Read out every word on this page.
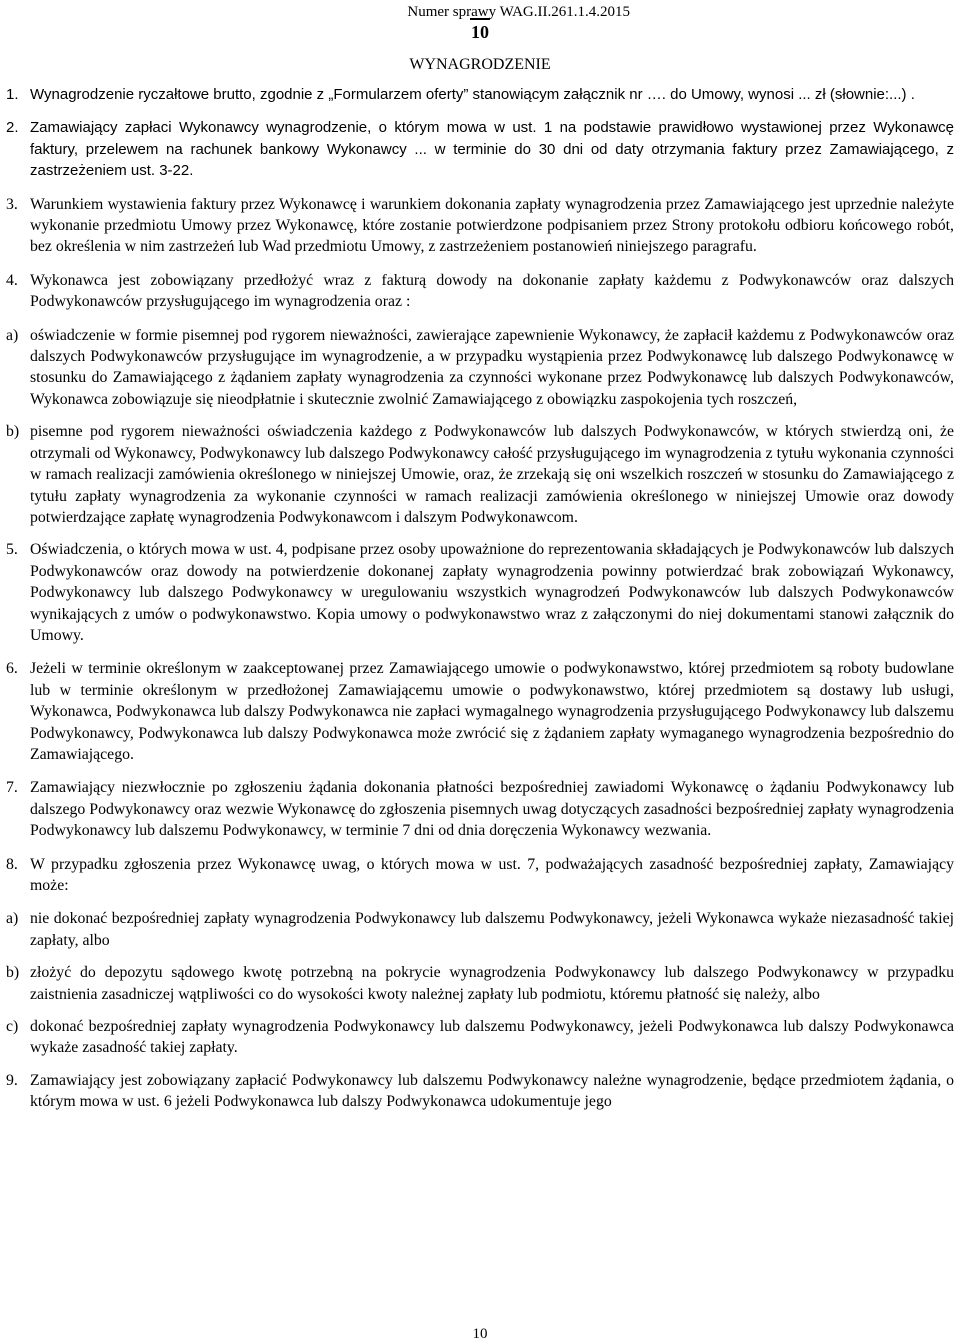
Numer sprawy WAG.II.261.1.4.2015
10
WYNAGRODZENIE
1. Wynagrodzenie ryczałtowe brutto, zgodnie z „Formularzem oferty” stanowiącym załącznik nr …. do Umowy, wynosi ... zł (słownie:...) .
2. Zamawiający zapłaci Wykonawcy wynagrodzenie, o którym mowa w ust. 1 na podstawie prawidłowo wystawionej przez Wykonawcę faktury, przelewem na rachunek bankowy Wykonawcy ... w terminie do 30 dni od daty otrzymania faktury przez Zamawiającego, z zastrzeżeniem ust. 3-22.
3. Warunkiem wystawienia faktury przez Wykonawcę i warunkiem dokonania zapłaty wynagrodzenia przez Zamawiającego jest uprzednie należyte wykonanie przedmiotu Umowy przez Wykonawcę, które zostanie potwierdzone podpisaniem przez Strony protokołu odbioru końcowego robót, bez określenia w nim zastrzeżeń lub Wad przedmiotu Umowy, z zastrzeżeniem postanowień niniejszego paragrafu.
4. Wykonawca jest zobowiązany przedłożyć wraz z fakturą dowody na dokonanie zapłaty każdemu z Podwykonawców oraz dalszych Podwykonawców przysługującego im wynagrodzenia oraz :
a) oświadczenie w formie pisemnej pod rygorem nieważności, zawierające zapewnienie Wykonawcy, że zapłacił każdemu z Podwykonawców oraz dalszych Podwykonawców przysługujące im wynagrodzenie, a w przypadku wystąpienia przez Podwykonawcę lub dalszego Podwykonawcę w stosunku do Zamawiającego z żądaniem zapłaty wynagrodzenia za czynności wykonane przez Podwykonawcę lub dalszych Podwykonawców, Wykonawca zobowiązuje się nieodpłatnie i skutecznie zwolnić Zamawiającego z obowiązku zaspokojenia tych roszczeń,
b) pisemne pod rygorem nieważności oświadczenia każdego z Podwykonawców lub dalszych Podwykonawców, w których stwierdzą oni, że otrzymali od Wykonawcy, Podwykonawcy lub dalszego Podwykonawcy całość przysługującego im wynagrodzenia z tytułu wykonania czynności w ramach realizacji zamówienia określonego w niniejszej Umowie, oraz, że zrzekają się oni wszelkich roszczeń w stosunku do Zamawiającego z tytułu zapłaty wynagrodzenia za wykonanie czynności w ramach realizacji zamówienia określonego w niniejszej Umowie oraz dowody potwierdzające zapłatę wynagrodzenia Podwykonawcom i dalszym Podwykonawcom.
5. Oświadczenia, o których mowa w ust. 4, podpisane przez osoby upoważnione do reprezentowania składających je Podwykonawców lub dalszych Podwykonawców oraz dowody na potwierdzenie dokonanej zapłaty wynagrodzenia powinny potwierdzać brak zobowiązań Wykonawcy, Podwykonawcy lub dalszego Podwykonawcy w uregulowaniu wszystkich wynagrodzeń Podwykonawców lub dalszych Podwykonawców wynikających z umów o podwykonawstwo. Kopia umowy o podwykonawstwo wraz z załączonymi do niej dokumentami stanowi załącznik do Umowy.
6. Jeżeli w terminie określonym w zaakceptowanej przez Zamawiającego umowie o podwykonawstwo, której przedmiotem są roboty budowlane lub w terminie określonym w przedłożonej Zamawiającemu umowie o podwykonawstwo, której przedmiotem są dostawy lub usługi, Wykonawca, Podwykonawca lub dalszy Podwykonawca nie zapłaci wymagalnego wynagrodzenia przysługującego Podwykonawcy lub dalszemu Podwykonawcy, Podwykonawca lub dalszy Podwykonawca może zwrócić się z żądaniem zapłaty wymaganego wynagrodzenia bezpośrednio do Zamawiającego.
7. Zamawiający niezwłocznie po zgłoszeniu żądania dokonania płatności bezpośredniej zawiadomi Wykonawcę o żądaniu Podwykonawcy lub dalszego Podwykonawcy oraz wezwie Wykonawcę do zgłoszenia pisemnych uwag dotyczących zasadności bezpośredniej zapłaty wynagrodzenia Podwykonawcy lub dalszemu Podwykonawcy, w terminie 7 dni od dnia doręczenia Wykonawcy wezwania.
8. W przypadku zgłoszenia przez Wykonawcę uwag, o których mowa w ust. 7, podważających zasadność bezpośredniej zapłaty, Zamawiający może:
a) nie dokonać bezpośredniej zapłaty wynagrodzenia Podwykonawcy lub dalszemu Podwykonawcy, jeżeli Wykonawca wykaże niezasadność takiej zapłaty, albo
b) złożyć do depozytu sądowego kwotę potrzebną na pokrycie wynagrodzenia Podwykonawcy lub dalszego Podwykonawcy w przypadku zaistnienia zasadniczej wątpliwości co do wysokości kwoty należnej zapłaty lub podmiotu, któremu płatność się należy, albo
c) dokonać bezpośredniej zapłaty wynagrodzenia Podwykonawcy lub dalszemu Podwykonawcy, jeżeli Podwykonawca lub dalszy Podwykonawca wykaże zasadność takiej zapłaty.
9. Zamawiający jest zobowiązany zapłacić Podwykonawcy lub dalszemu Podwykonawcy należne wynagrodzenie, będące przedmiotem żądania, o którym mowa w ust. 6 jeżeli Podwykonawca lub dalszy Podwykonawca udokumentuje jego
10
